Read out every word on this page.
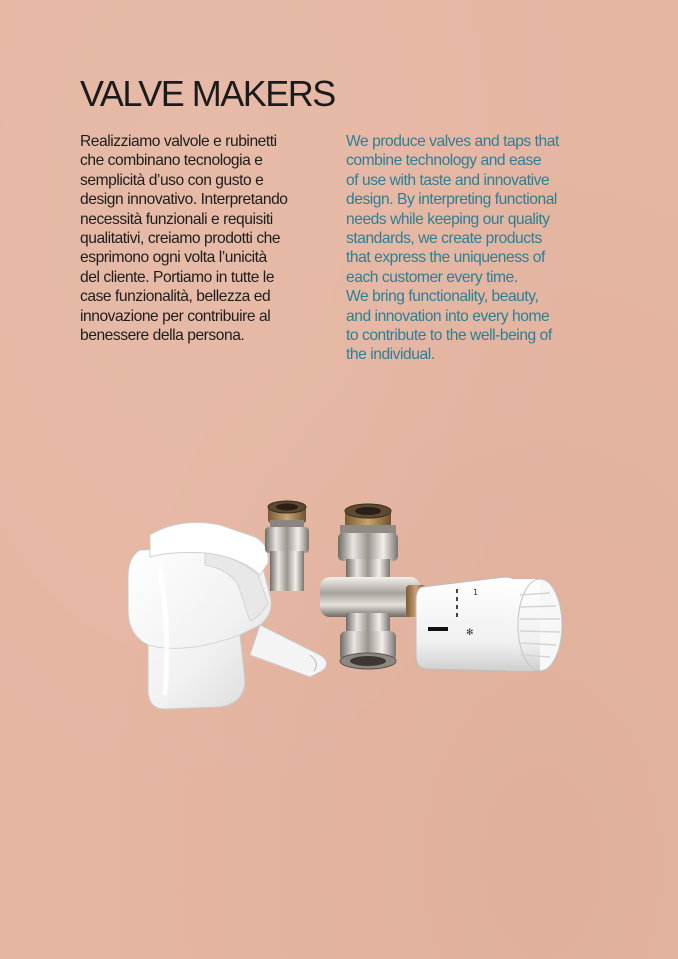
VALVE MAKERS

Realizziamo valvole e rubinetti
che combinano tecnologia e
semplicità d’uso con gusto e
design innovativo. Interpretando
necessità funzionali e requisiti
qualitativi, creiamo prodotti che
esprimono ogni volta l’unicità
del cliente. Portiamo in tutte le
case funzionalità, bellezza ed
innovazione per contribuire al
benessere della persona.

We produce valves and taps that
combine technology and ease
of use with taste and innovative
design. By interpreting functional
needs while keeping our quality
standards, we create products
that express the uniqueness of
each customer every time.
We bring functionality, beauty,
and innovation into every home
to contribute to the well-being of
the individual.

✻
1
